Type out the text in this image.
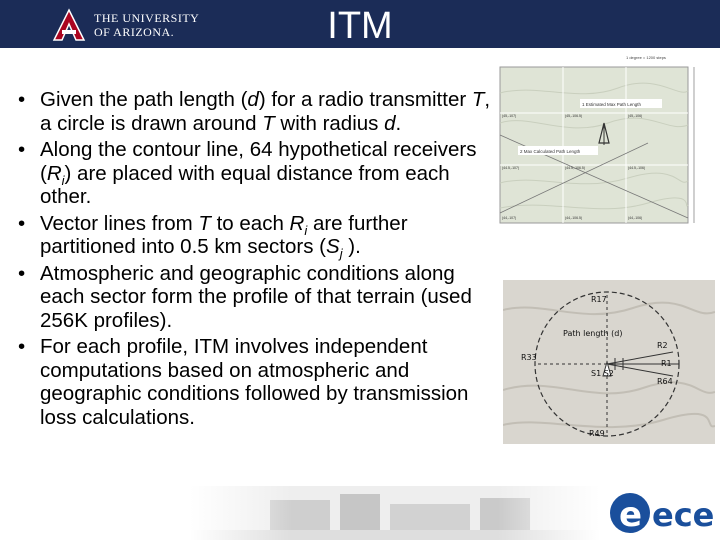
THE UNIVERSITY
OF ARIZONA.	ITM
• Given the path length (d) for a radio transmitter T, a circle is drawn around T with radius d.
• Along the contour line, 64 hypothetical receivers $(R_i)$ are placed with equal distance from each other.
• Vector lines from T to each $R_i$ are further partitioned into 0.5 km sectors ($S_j$ ).
• Atmospheric and geographic conditions along each sector form the profile of that terrain (used 256K profiles).
• For each profile, ITM involves independent computations based on atmospheric and geographic conditions followed by transmission loss calculations.
1 Estimated Max Path Length
2 Max Calculated Path Length
1 degree = 1200 steps
(45,-107)	(45,-106.5)	(45,-106)
(44.5,-107)	(44.5,-106.5)	(44.5,-106)
(44,-107)	(44,-106.5)	(44,-106)
R17
Path length (d)
R2
R1
R33
S1 S2
R64
R49
e ece
